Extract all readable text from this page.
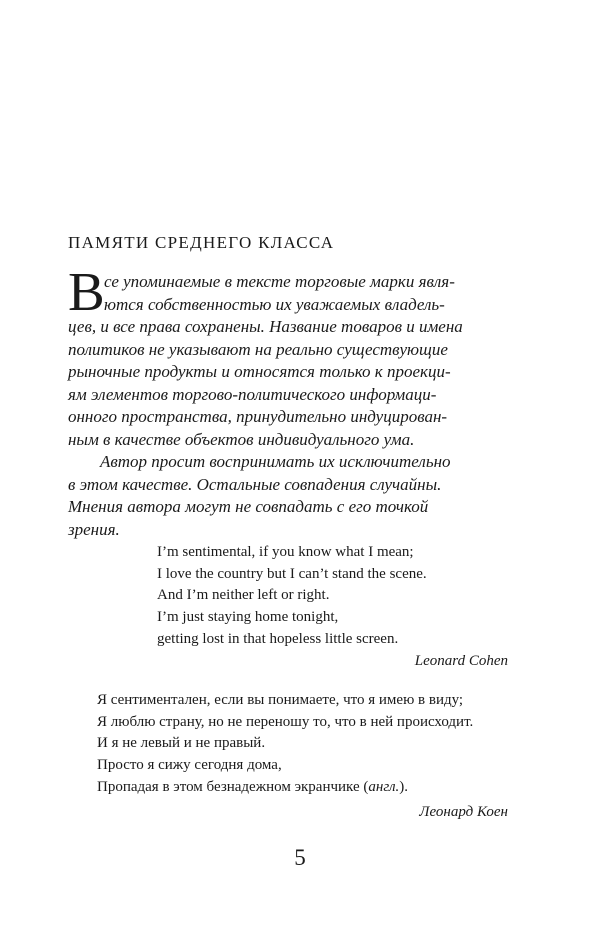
ПАМЯТИ СРЕДНЕГО КЛАССА
В се упоминаемые в тексте торговые марки явля-
ются собственностью их уважаемых владель-
цев, и все права сохранены. Название товаров и имена
политиков не указывают на реально существующие
рыночные продукты и относятся только к проекци-
ям элементов торгово-политического информаци-
онного пространства, принудительно индуцирован-
ным в качестве объектов индивидуального ума.
Автор просит воспринимать их исключительно
в этом качестве. Остальные совпадения случайны.
Мнения автора могут не совпадать с его точкой
зрения.
I’m sentimental, if you know what I mean;
I love the country but I can’t stand the scene.
And I’m neither left or right.
I’m just staying home tonight,
getting lost in that hopeless little screen.
Leonard Cohen
Я сентиментален, если вы понимаете, что я имею в виду;
Я люблю страну, но не переношу то, что в ней происходит.
И я не левый и не правый.
Просто я сижу сегодня дома,
Пропадая в этом безнадежном экранчике (англ.).
Леонард Коен
5
